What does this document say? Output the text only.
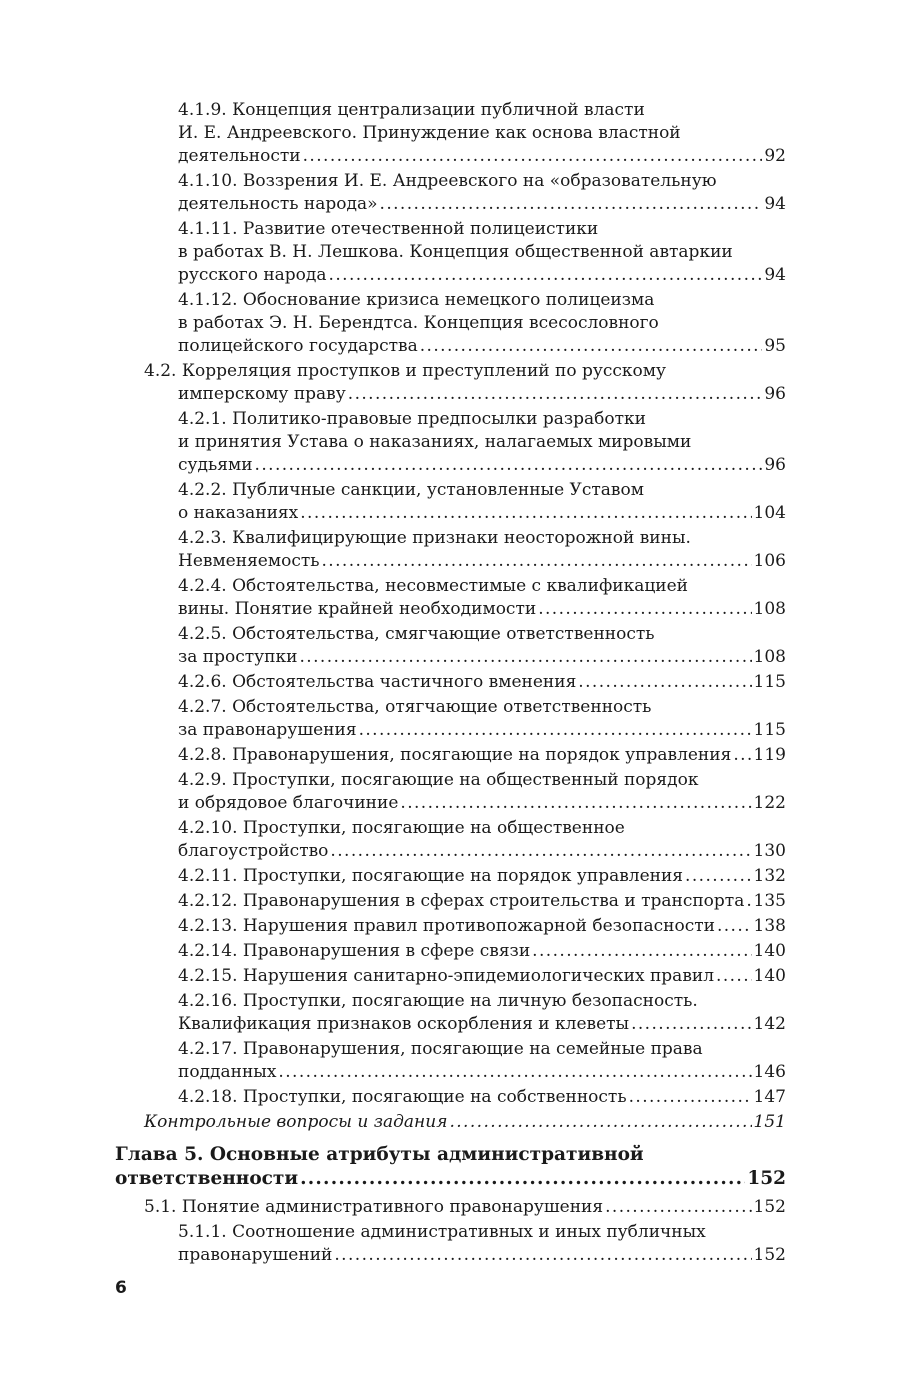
4.1.9. Концепция централизации публичной власти
И. Е. Андреевского. Принуждение как основа властной
деятельности .....	92
4.1.10. Воззрения И. Е. Андреевского на «образовательную
деятельность народа» .....	94
4.1.11. Развитие отечественной полицеистики
в работах В. Н. Лешкова. Концепция общественной автаркии
русского народа .....	94
4.1.12. Обоснование кризиса немецкого полицеизма
в работах Э. Н. Берендтса. Концепция всесословного
полицейского государства .....	95
4.2. Корреляция проступков и преступлений по русскому
имперскому праву .....	96
4.2.1. Политико-правовые предпосылки разработки
и принятия Устава о наказаниях, налагаемых мировыми
судьями .....	96
4.2.2. Публичные санкции, установленные Уставом
о наказаниях .....	104
4.2.3. Квалифицирующие признаки неосторожной вины.
Невменяемость .....	106
4.2.4. Обстоятельства, несовместимые с квалификацией
вины. Понятие крайней необходимости .....	108
4.2.5. Обстоятельства, смягчающие ответственность
за проступки .....	108
4.2.6. Обстоятельства частичного вменения .....	115
4.2.7. Обстоятельства, отягчающие ответственность
за правонарушения .....	115
4.2.8. Правонарушения, посягающие на порядок управления ..... 119
4.2.9. Проступки, посягающие на общественный порядок
и обрядовое благочиние .....	122
4.2.10. Проступки, посягающие на общественное
благоустройство .....	130
4.2.11. Проступки, посягающие на порядок управления .....	132
4.2.12. Правонарушения в сферах строительства и транспорта ..... 135
4.2.13. Нарушения правил противопожарной безопасности ..... 138
4.2.14. Правонарушения в сфере связи .....	140
4.2.15. Нарушения санитарно-эпидемиологических правил ..... 140
4.2.16. Проступки, посягающие на личную безопасность.
Квалификация признаков оскорбления и клеветы .....	142
4.2.17. Правонарушения, посягающие на семейные права
подданных .....	146
4.2.18. Проступки, посягающие на собственность .....	147
Контрольные вопросы и задания .....	151
Глава 5. Основные атрибуты административной
ответственности .....	152
5.1. Понятие административного правонарушения .....	152
5.1.1. Соотношение административных и иных публичных
правонарушений .....	152
6
